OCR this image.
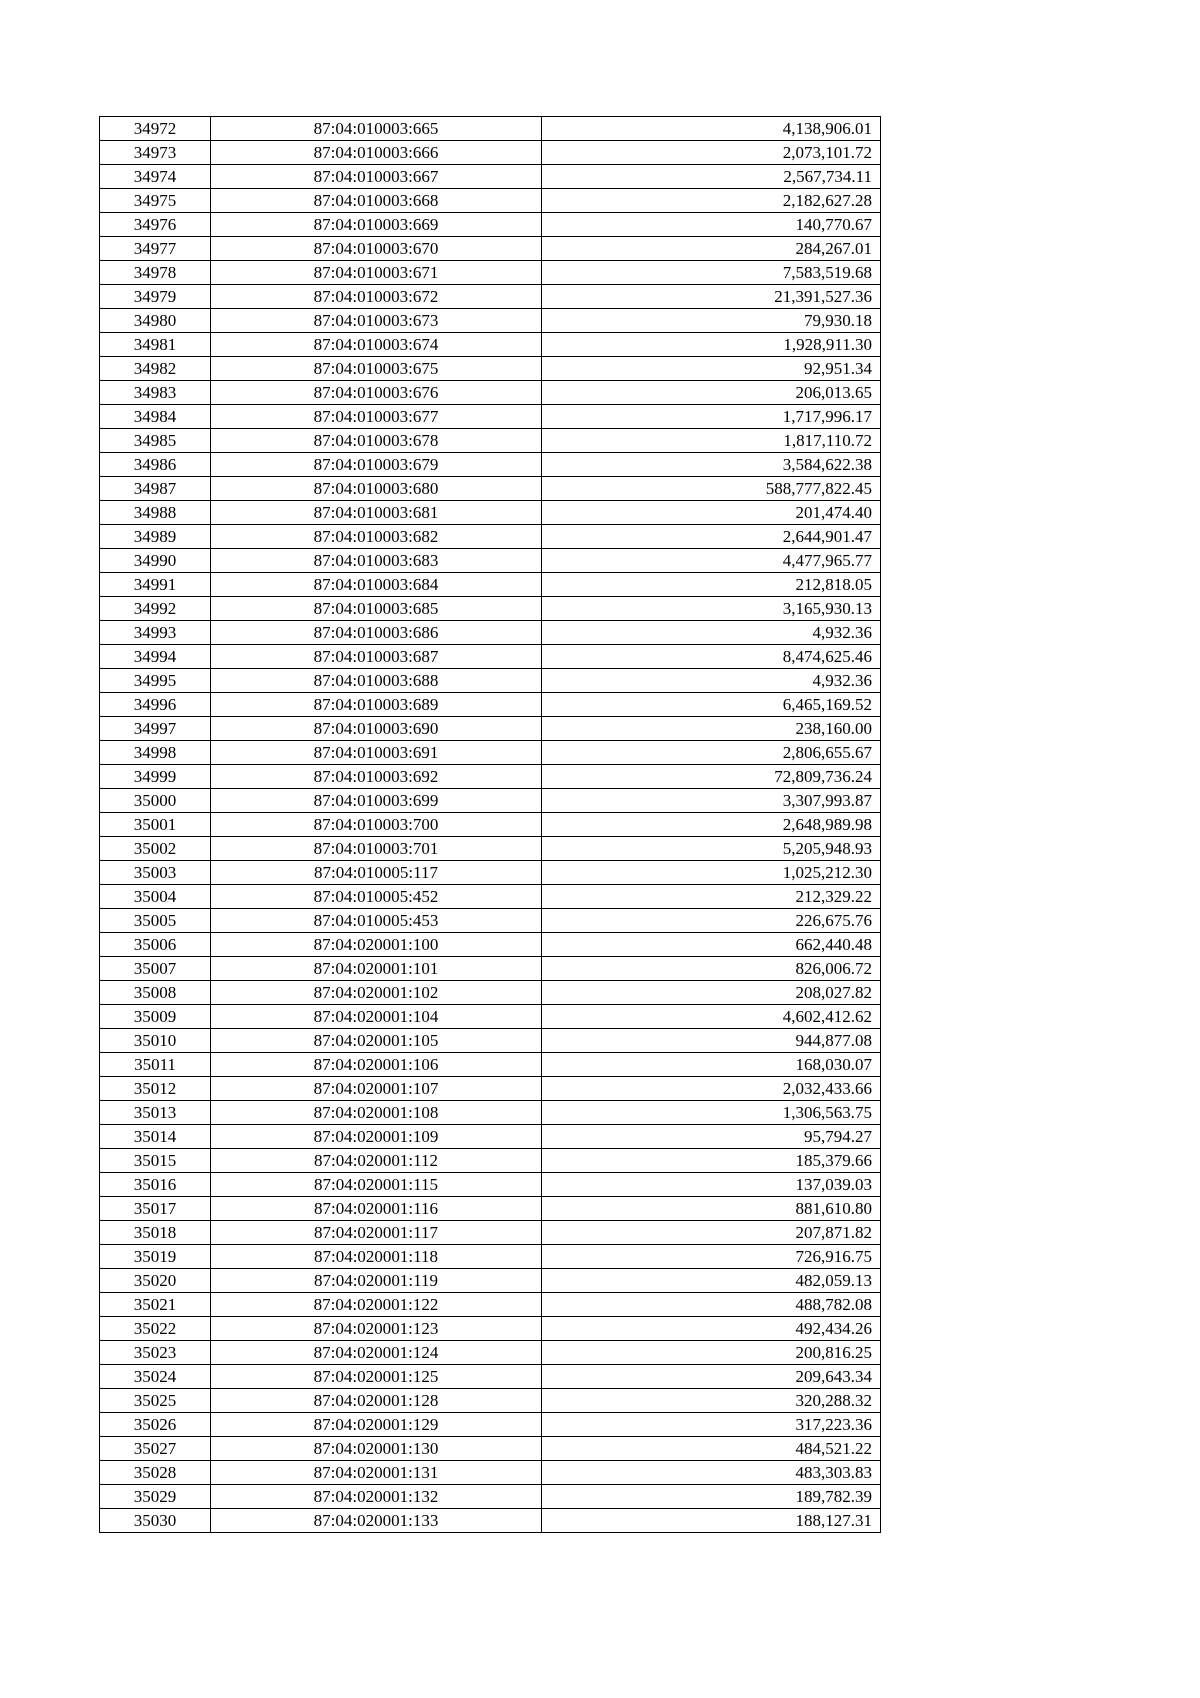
34972	87:04:010003:665	4,138,906.01
34973	87:04:010003:666	2,073,101.72
34974	87:04:010003:667	2,567,734.11
34975	87:04:010003:668	2,182,627.28
34976	87:04:010003:669	140,770.67
34977	87:04:010003:670	284,267.01
34978	87:04:010003:671	7,583,519.68
34979	87:04:010003:672	21,391,527.36
34980	87:04:010003:673	79,930.18
34981	87:04:010003:674	1,928,911.30
34982	87:04:010003:675	92,951.34
34983	87:04:010003:676	206,013.65
34984	87:04:010003:677	1,717,996.17
34985	87:04:010003:678	1,817,110.72
34986	87:04:010003:679	3,584,622.38
34987	87:04:010003:680	588,777,822.45
34988	87:04:010003:681	201,474.40
34989	87:04:010003:682	2,644,901.47
34990	87:04:010003:683	4,477,965.77
34991	87:04:010003:684	212,818.05
34992	87:04:010003:685	3,165,930.13
34993	87:04:010003:686	4,932.36
34994	87:04:010003:687	8,474,625.46
34995	87:04:010003:688	4,932.36
34996	87:04:010003:689	6,465,169.52
34997	87:04:010003:690	238,160.00
34998	87:04:010003:691	2,806,655.67
34999	87:04:010003:692	72,809,736.24
35000	87:04:010003:699	3,307,993.87
35001	87:04:010003:700	2,648,989.98
35002	87:04:010003:701	5,205,948.93
35003	87:04:010005:117	1,025,212.30
35004	87:04:010005:452	212,329.22
35005	87:04:010005:453	226,675.76
35006	87:04:020001:100	662,440.48
35007	87:04:020001:101	826,006.72
35008	87:04:020001:102	208,027.82
35009	87:04:020001:104	4,602,412.62
35010	87:04:020001:105	944,877.08
35011	87:04:020001:106	168,030.07
35012	87:04:020001:107	2,032,433.66
35013	87:04:020001:108	1,306,563.75
35014	87:04:020001:109	95,794.27
35015	87:04:020001:112	185,379.66
35016	87:04:020001:115	137,039.03
35017	87:04:020001:116	881,610.80
35018	87:04:020001:117	207,871.82
35019	87:04:020001:118	726,916.75
35020	87:04:020001:119	482,059.13
35021	87:04:020001:122	488,782.08
35022	87:04:020001:123	492,434.26
35023	87:04:020001:124	200,816.25
35024	87:04:020001:125	209,643.34
35025	87:04:020001:128	320,288.32
35026	87:04:020001:129	317,223.36
35027	87:04:020001:130	484,521.22
35028	87:04:020001:131	483,303.83
35029	87:04:020001:132	189,782.39
35030	87:04:020001:133	188,127.31
